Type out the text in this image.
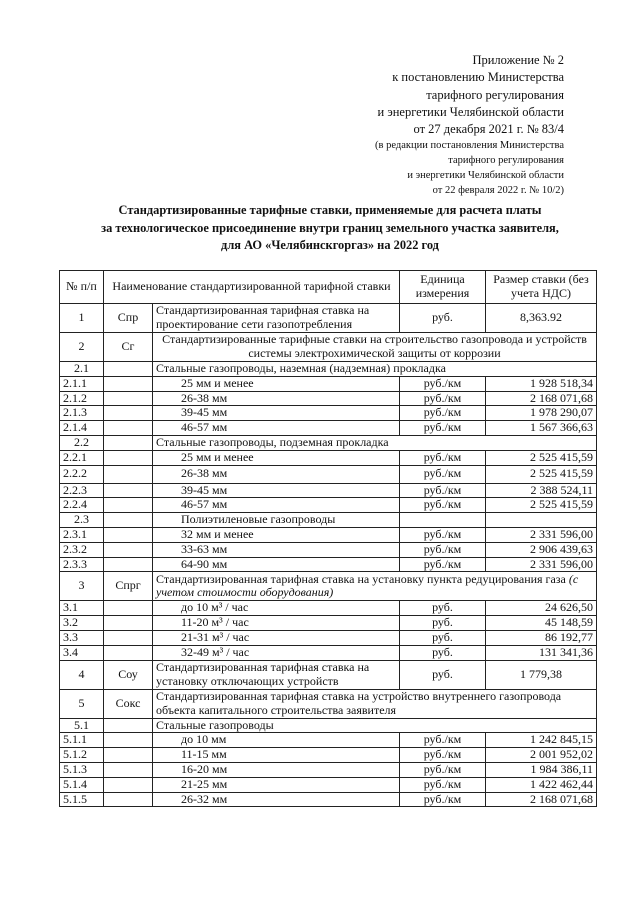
Приложение № 2
к постановлению Министерства
тарифного регулирования
и энергетики Челябинской области
от 27 декабря 2021 г. № 83/4
(в редакции постановления Министерства
тарифного регулирования
и энергетики Челябинской области
от 22 февраля 2022 г. № 10/2)
Стандартизированные тарифные ставки, применяемые для расчета платы
за технологическое присоединение внутри границ земельного участка заявителя,
для АО «Челябинскгоргаз» на 2022 год
№ п/п	Наименование стандартизированной тарифной ставки		Единица измерения	Размер ставки (без учета НДС)
1	Спр	Стандартизированная тарифная ставка на проектирование сети газопотребления	руб.	8,363.92
2	Сг	Стандартизированные тарифные ставки на строительство газопровода и устройств системы электрохимической защиты от коррозии		
2.1		Стальные газопроводы, наземная (надземная) прокладка		
2.1.1		25 мм и менее	руб./км	1 928 518,34
2.1.2		26-38 мм	руб./км	2 168 071,68
2.1.3		39-45 мм	руб./км	1 978 290,07
2.1.4		46-57 мм	руб./км	1 567 366,63
2.2		Стальные газопроводы, подземная прокладка		
2.2.1		25 мм и менее	руб./км	2 525 415,59
2.2.2		26-38 мм	руб./км	2 525 415,59
2.2.3		39-45 мм	руб./км	2 388 524,11
2.2.4		46-57 мм	руб./км	2 525 415,59
2.3		Полиэтиленовые газопроводы		
2.3.1		32 мм и менее	руб./км	2 331 596,00
2.3.2		33-63 мм	руб./км	2 906 439,63
2.3.3		64-90 мм	руб./км	2 331 596,00
3	Спрг	Стандартизированная тарифная ставка на установку пункта редуцирования газа (с учетом стоимости оборудования)		
3.1		до 10 м³ / час	руб.	24 626,50
3.2		11-20 м³ / час	руб.	45 148,59
3.3		21-31 м³ / час	руб.	86 192,77
3.4		32-49 м³ / час	руб.	131 341,36
4	Соу	Стандартизированная тарифная ставка на установку отключающих устройств	руб.	1 779,38
5	Сокс	Стандартизированная тарифная ставка на устройство внутреннего газопровода объекта капитального строительства заявителя		
5.1		Стальные газопроводы		
5.1.1		до 10 мм	руб./км	1 242 845,15
5.1.2		11-15 мм	руб./км	2 001 952,02
5.1.3		16-20 мм	руб./км	1 984 386,11
5.1.4		21-25 мм	руб./км	1 422 462,44
5.1.5		26-32 мм	руб./км	2 168 071,68
